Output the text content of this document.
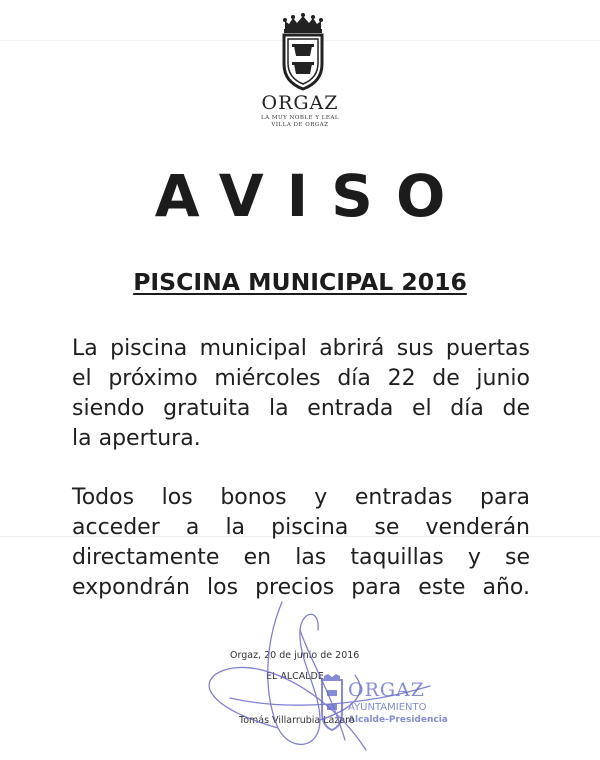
ORGAZ
LA MUY NOBLE Y LEAL
VILLA DE ORGAZ
AVISO
PISCINA MUNICIPAL 2016
La piscina municipal abrirá sus puertas
el próximo miércoles día 22 de junio
siendo gratuita la entrada el día de
la apertura.
Todos los bonos y entradas para
acceder a la piscina se venderán
directamente en las taquillas y se
expondrán los precios para este año.
Orgaz, 20 de junio de 2016
EL ALCALDE
ORGAZ
AYUNTAMIENTO
Alcalde-Presidencia
Tomás Villarrubia Lázaro
